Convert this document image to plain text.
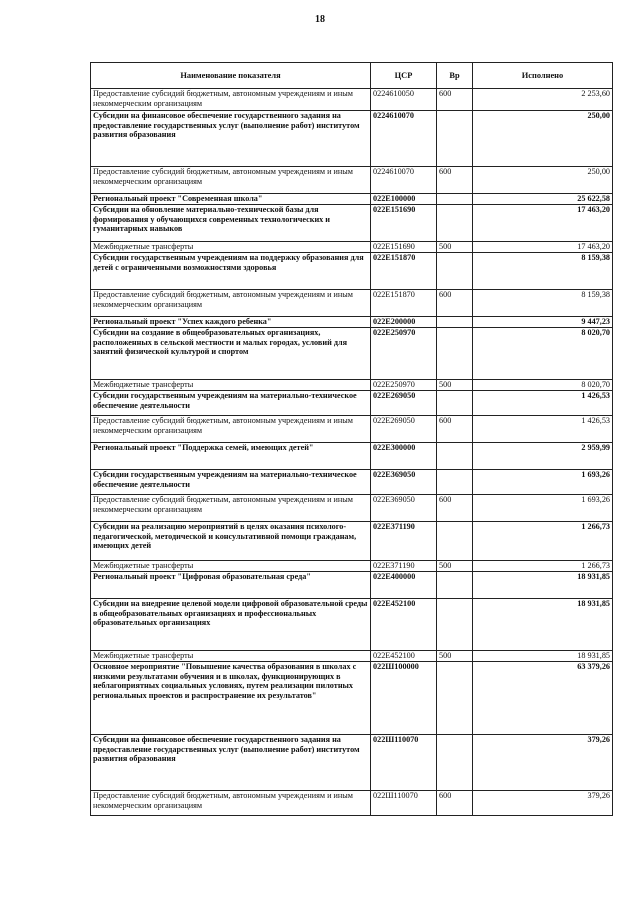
18
Наименование показателя	ЦСР	Вр	Исполнено
Предоставление субсидий бюджетным, автономным учреждениям и иным некоммерческим организациям	0224610050	600	2 253,60
Субсидии на финансовое обеспечение государственного задания на предоставление государственных услуг (выполнение работ) институтом развития образования	0224610070		250,00
Предоставление субсидий бюджетным, автономным учреждениям и иным некоммерческим организациям	0224610070	600	250,00
Региональный проект "Современная школа"	022E100000		25 622,58
Субсидии на обновление материально-технической базы для формирования у обучающихся современных технологических и гуманитарных навыков	022E151690		17 463,20
Межбюджетные трансферты	022E151690	500	17 463,20
Субсидии государственным учреждениям на поддержку образования для детей с ограниченными возможностями здоровья	022E151870		8 159,38
Предоставление субсидий бюджетным, автономным учреждениям и иным некоммерческим организациям	022E151870	600	8 159,38
Региональный проект "Успех каждого ребенка"	022E200000		9 447,23
Субсидии на создание в общеобразовательных организациях, расположенных в сельской местности и малых городах, условий для занятий физической культурой и спортом	022E250970		8 020,70
Межбюджетные трансферты	022E250970	500	8 020,70
Субсидии государственным учреждениям на материально-техническое обеспечение деятельности	022E269050		1 426,53
Предоставление субсидий бюджетным, автономным учреждениям и иным некоммерческим организациям	022E269050	600	1 426,53
Региональный проект "Поддержка семей, имеющих детей"	022E300000		2 959,99
Субсидии государственным учреждениям на материально-техническое обеспечение деятельности	022E369050		1 693,26
Предоставление субсидий бюджетным, автономным учреждениям и иным некоммерческим организациям	022E369050	600	1 693,26
Субсидии на реализацию мероприятий в целях оказания психолого-педагогической, методической и консультативной помощи гражданам, имеющих детей	022E371190		1 266,73
Межбюджетные трансферты	022E371190	500	1 266,73
Региональный проект "Цифровая образовательная среда"	022E400000		18 931,85
Субсидии на внедрение целевой модели цифровой образовательной среды в общеобразовательных организациях и профессиональных образовательных организациях	022E452100		18 931,85
Межбюджетные трансферты	022E452100	500	18 931,85
Основное мероприятие "Повышение качества образования в школах с низкими результатами обучения и в школах, функционирующих в неблагоприятных социальных условиях, путем реализации пилотных региональных проектов и распространение их результатов"	022Ш100000		63 379,26
Субсидии на финансовое обеспечение государственного задания на предоставление государственных услуг (выполнение работ) институтом развития образования	022Ш110070		379,26
Предоставление субсидий бюджетным, автономным учреждениям и иным некоммерческим организациям	022Ш110070	600	379,26
